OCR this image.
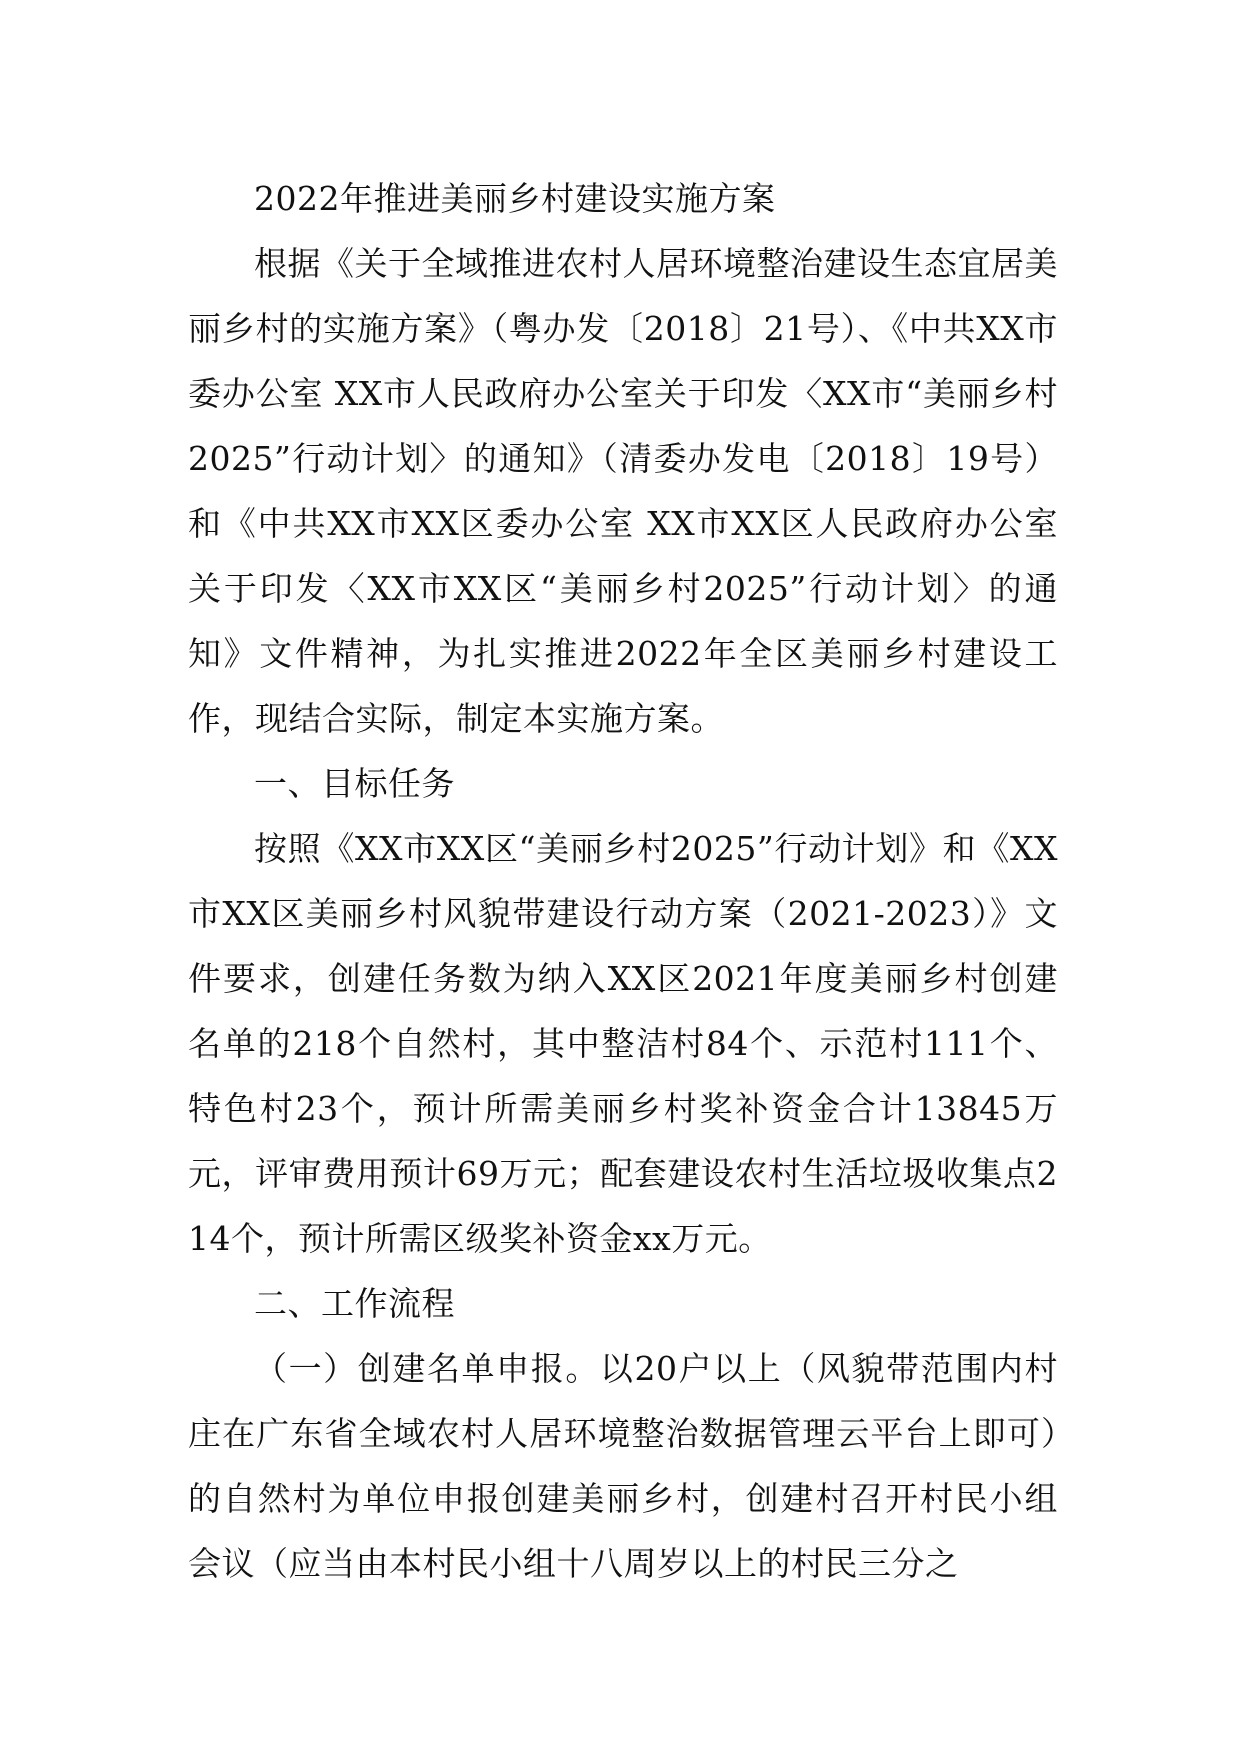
2022年推进美丽乡村建设实施方案

根据《关于全域推进农村人居环境整治建设生态宜居美丽乡村的实施方案》（粤办发〔2018〕21号）、《中共XX市委办公室 XX市人民政府办公室关于印发〈XX市“美丽乡村2025”行动计划〉的通知》（清委办发电〔2018〕19号）和《中共XX市XX区委办公室 XX市XX区人民政府办公室关于印发〈XX市XX区“美丽乡村2025”行动计划〉的通知》文件精神，为扎实推进2022年全区美丽乡村建设工作，现结合实际，制定本实施方案。

一、目标任务

按照《XX市XX区“美丽乡村2025”行动计划》和《XX市XX区美丽乡村风貌带建设行动方案（2021-2023）》文件要求，创建任务数为纳入XX区2021年度美丽乡村创建名单的218个自然村，其中整洁村84个、示范村111个、特色村23个，预计所需美丽乡村奖补资金合计13845万元，评审费用预计69万元；配套建设农村生活垃圾收集点214个，预计所需区级奖补资金xx万元。

二、工作流程

（一）创建名单申报。以20户以上（风貌带范围内村庄在广东省全域农村人居环境整治数据管理云平台上即可）的自然村为单位申报创建美丽乡村，创建村召开村民小组会议（应当由本村民小组十八周岁以上的村民三分之
